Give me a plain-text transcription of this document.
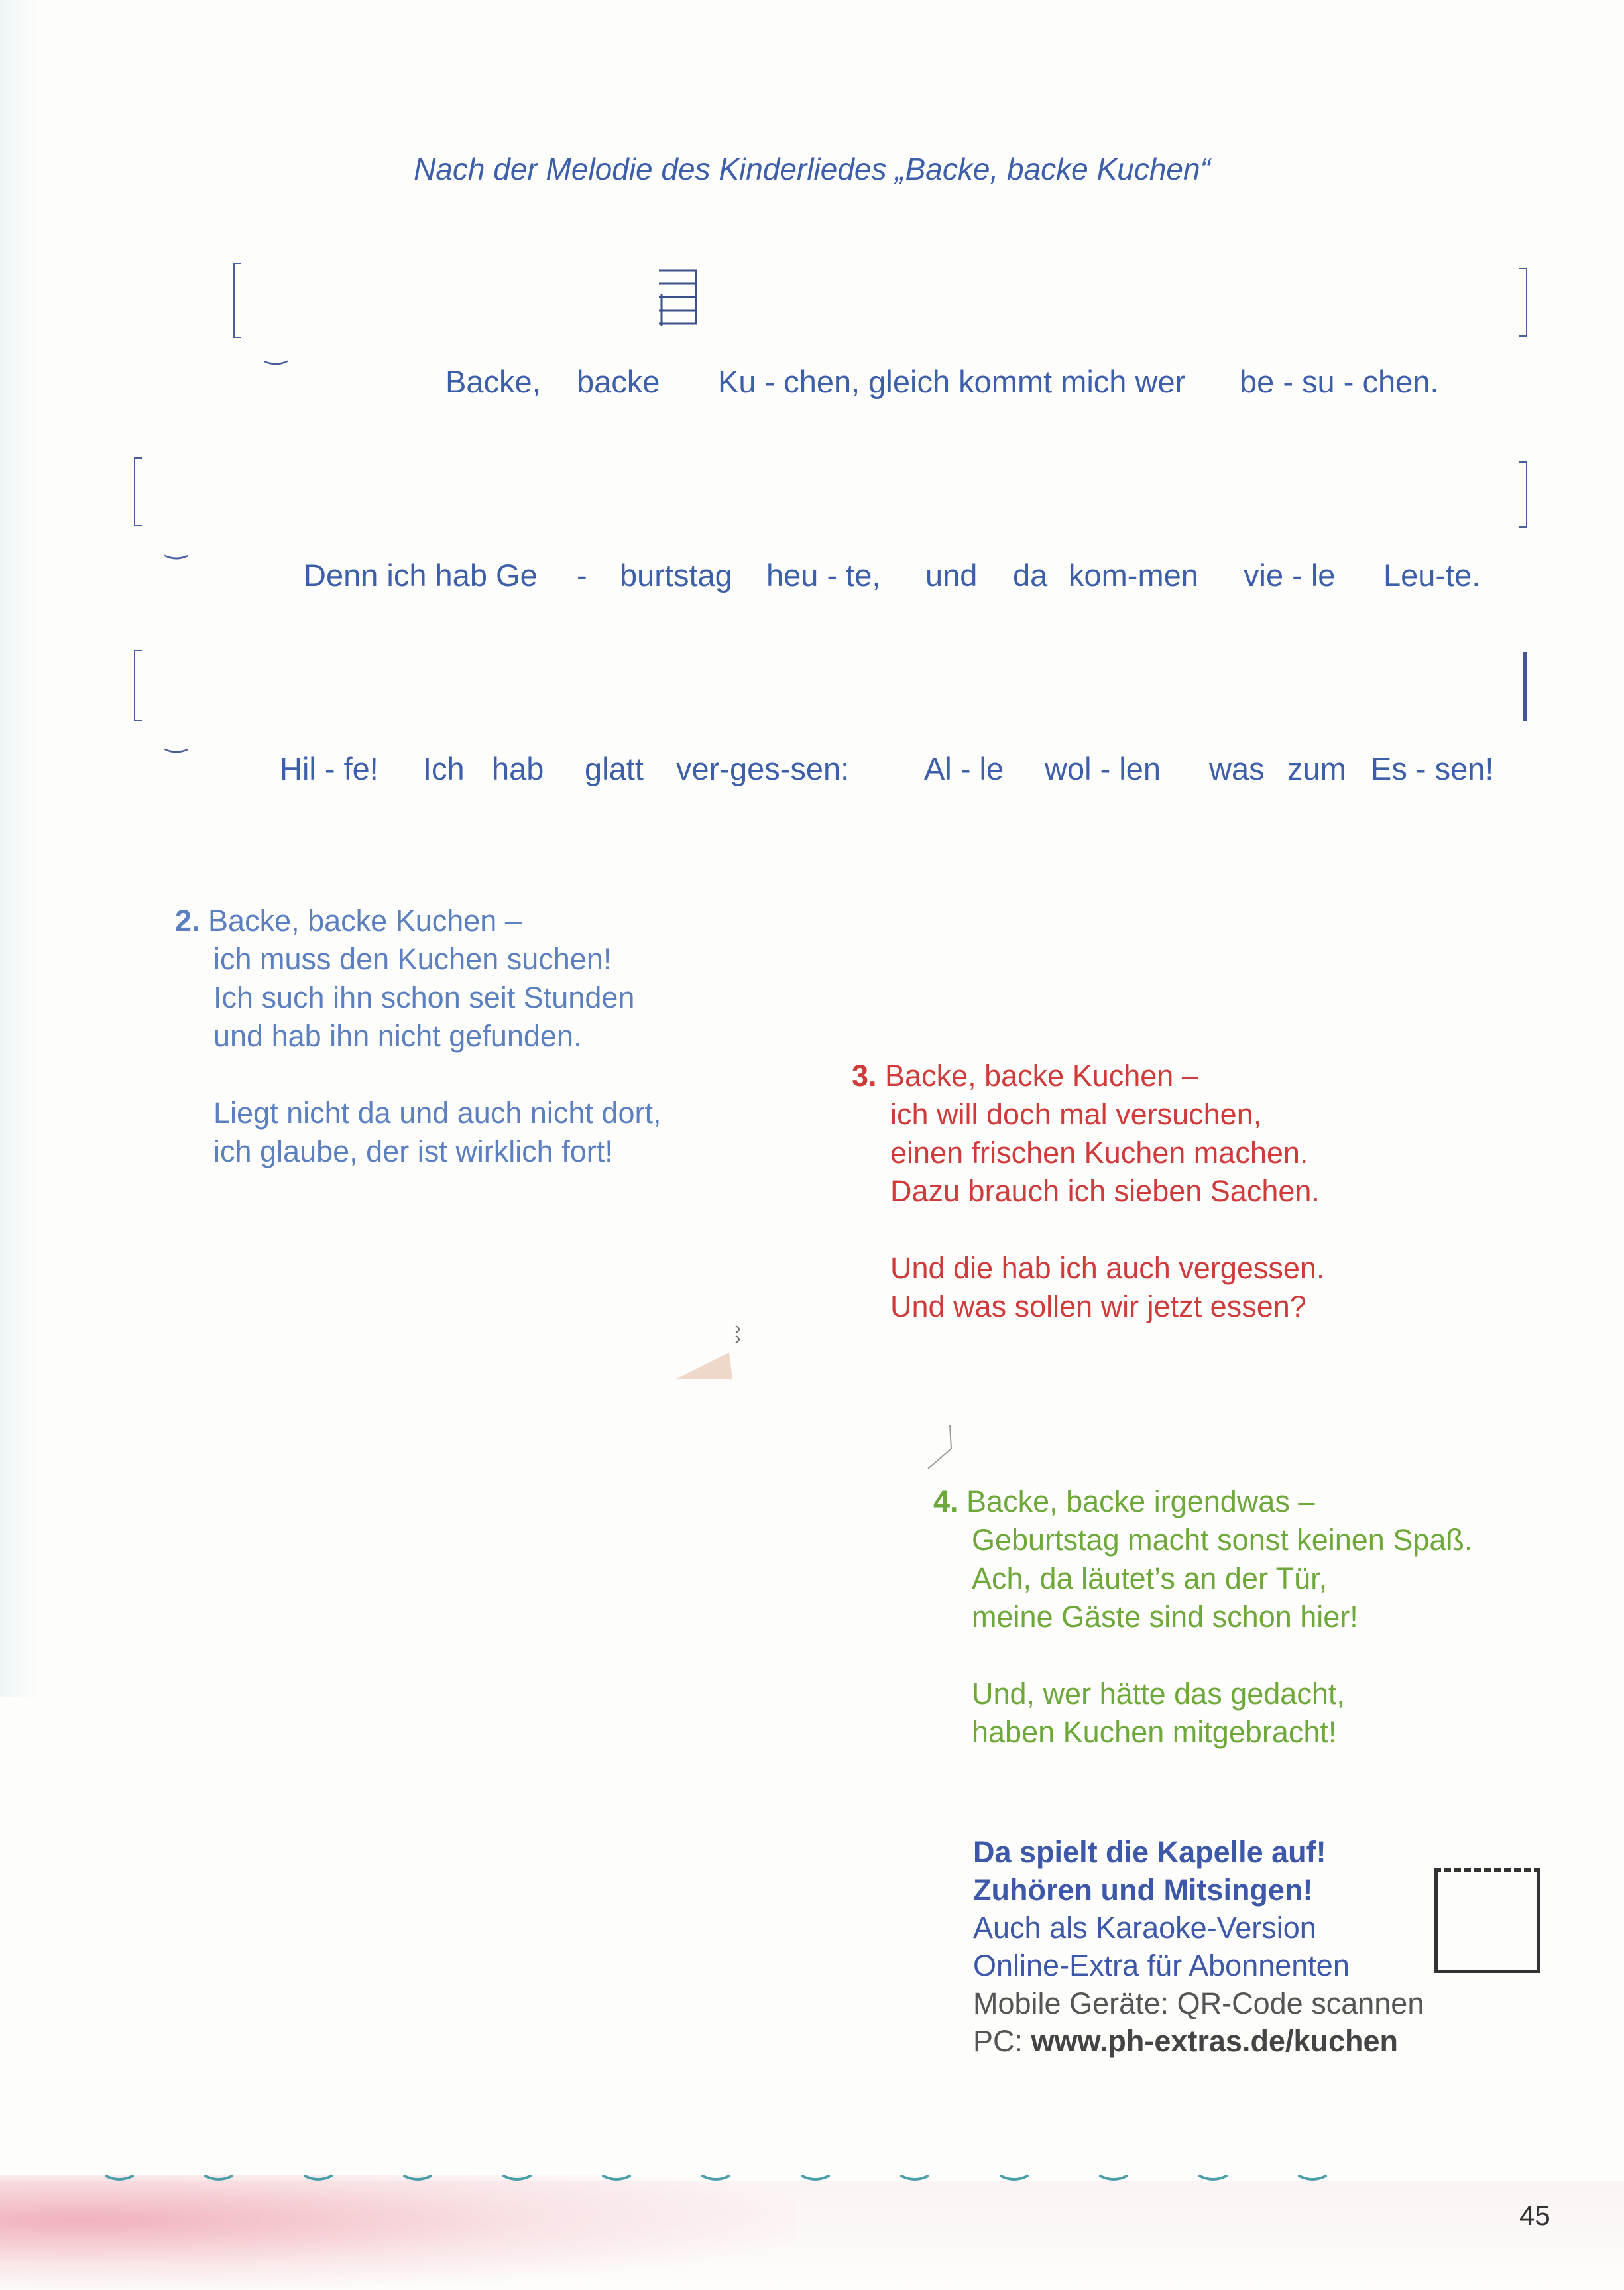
Nach der Melodie des Kinderliedes „Backe, backe Kuchen“
‿
Backe, backe Ku - chen, gleich kommt mich wer be - su - chen.
‿
Denn ich hab Ge - burtstag heu - te, und da kom-men vie - le Leu-te.
‿
Hil - fe! Ich hab glatt ver-ges-sen: Al - le wol - len was zum Es - sen!
2. Backe, backe Kuchen –
ich muss den Kuchen suchen!
Ich such ihn schon seit Stunden
und hab ihn nicht gefunden.
Liegt nicht da und auch nicht dort,
ich glaube, der ist wirklich fort!
3. Backe, backe Kuchen –
ich will doch mal versuchen,
einen frischen Kuchen machen.
Dazu brauch ich sieben Sachen.
Und die hab ich auch vergessen.
Und was sollen wir jetzt essen?
4. Backe, backe irgendwas –
Geburtstag macht sonst keinen Spaß.
Ach, da läutet’s an der Tür,
meine Gäste sind schon hier!
Und, wer hätte das gedacht,
haben Kuchen mitgebracht!
Da spielt die Kapelle auf!
Zuhören und Mitsingen!
Auch als Karaoke-Version
Online-Extra für Abonnenten
Mobile Geräte: QR-Code scannen
PC: www.ph-extras.de/kuchen
45
